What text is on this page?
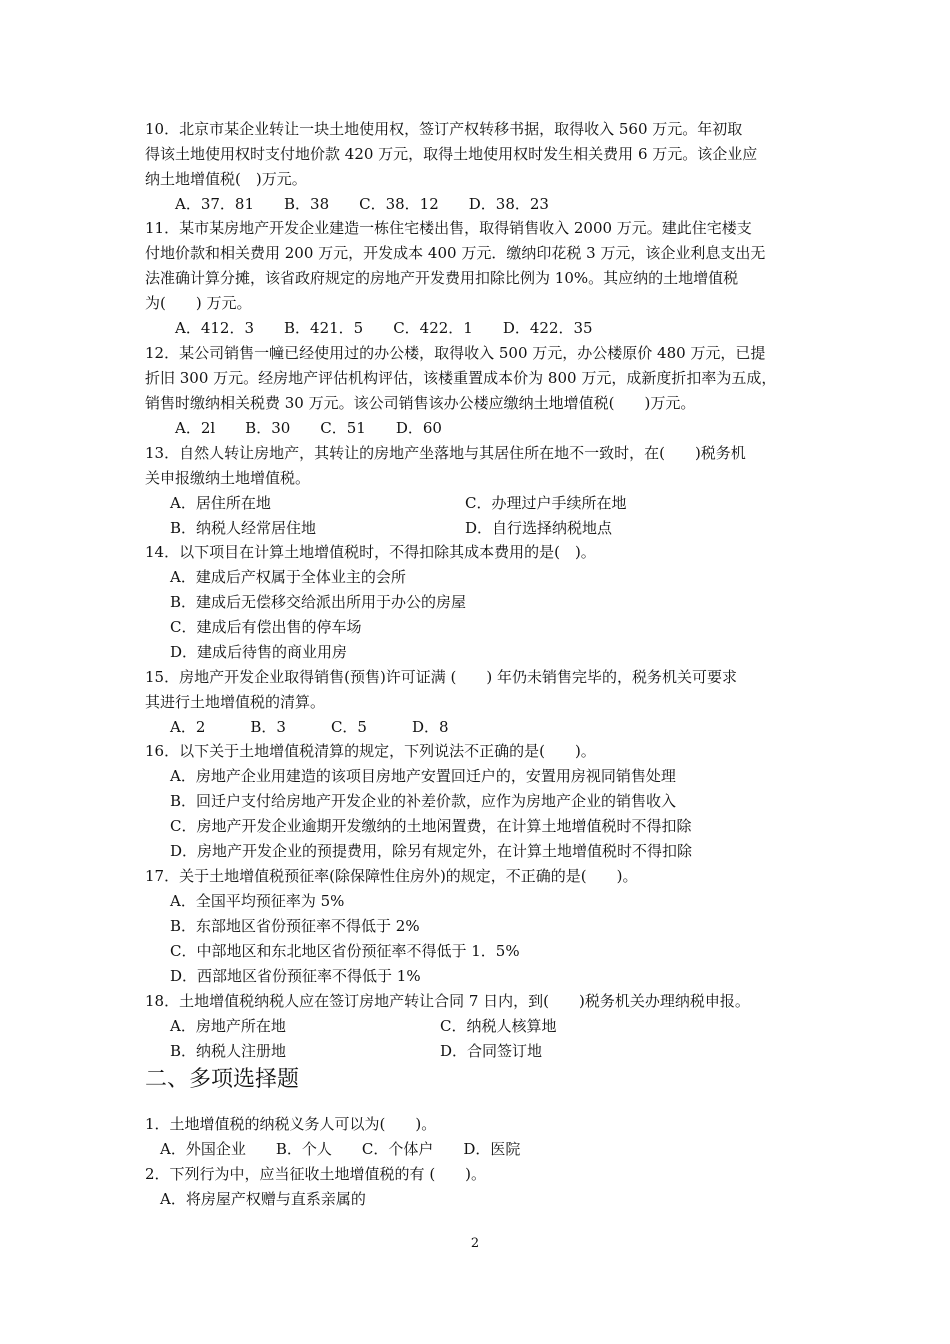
10．北京市某企业转让一块土地使用权，签订产权转移书据，取得收入 560 万元。年初取
得该土地使用权时支付地价款 420 万元，取得土地使用权时发生相关费用 6 万元。该企业应
纳土地增值税(　)万元。
A．37．81　　B．38　　C．38．12　　D．38．23
11．某市某房地产开发企业建造一栋住宅楼出售，取得销售收入 2000 万元。建此住宅楼支
付地价款和相关费用 200 万元，开发成本 400 万元．缴纳印花税 3 万元，该企业利息支出无
法准确计算分摊，该省政府规定的房地产开发费用扣除比例为 10%。其应纳的土地增值税
为(　　) 万元。
A．412．3　　B．421．5　　C．422．1　　D．422．35
12．某公司销售一幢已经使用过的办公楼，取得收入 500 万元，办公楼原价 480 万元，已提
折旧 300 万元。经房地产评估机构评估，该楼重置成本价为 800 万元，成新度折扣率为五成，
销售时缴纳相关税费 30 万元。该公司销售该办公楼应缴纳土地增值税(　　)万元。
A．2l　　B．30　　C．51　　D．60
13．自然人转让房地产，其转让的房地产坐落地与其居住所在地不一致时，在(　　)税务机
关申报缴纳土地增值税。
A．居住所在地	C．办理过户手续所在地
B．纳税人经常居住地	D．自行选择纳税地点
14．以下项目在计算土地增值税时，不得扣除其成本费用的是(　)。
A．建成后产权属于全体业主的会所
B．建成后无偿移交给派出所用于办公的房屋
C．建成后有偿出售的停车场
D．建成后待售的商业用房
15．房地产开发企业取得销售(预售)许可证满 (　　) 年仍未销售完毕的，税务机关可要求
其进行土地增值税的清算。
A．2　　　B．3　　　C．5　　　D．8
16．以下关于土地增值税清算的规定，下列说法不正确的是(　　)。
A．房地产企业用建造的该项目房地产安置回迁户的，安置用房视同销售处理
B．回迁户支付给房地产开发企业的补差价款，应作为房地产企业的销售收入
C．房地产开发企业逾期开发缴纳的土地闲置费，在计算土地增值税时不得扣除
D．房地产开发企业的预提费用，除另有规定外，在计算土地增值税时不得扣除
17．关于土地增值税预征率(除保障性住房外)的规定，不正确的是(　　)。
A．全国平均预征率为 5%
B．东部地区省份预征率不得低于 2%
C．中部地区和东北地区省份预征率不得低于 1．5%
D．西部地区省份预征率不得低于 1%
18．土地增值税纳税人应在签订房地产转让合同 7 日内，到(　　)税务机关办理纳税申报。
A．房地产所在地	C．纳税人核算地
B．纳税人注册地	D．合同签订地
1．土地增值税的纳税义务人可以为(　　)。
A．外国企业　　B．个人　　C．个体户　　D．医院
2．下列行为中，应当征收土地增值税的有 (　　)。
A．将房屋产权赠与直系亲属的
二、多项选择题
2
